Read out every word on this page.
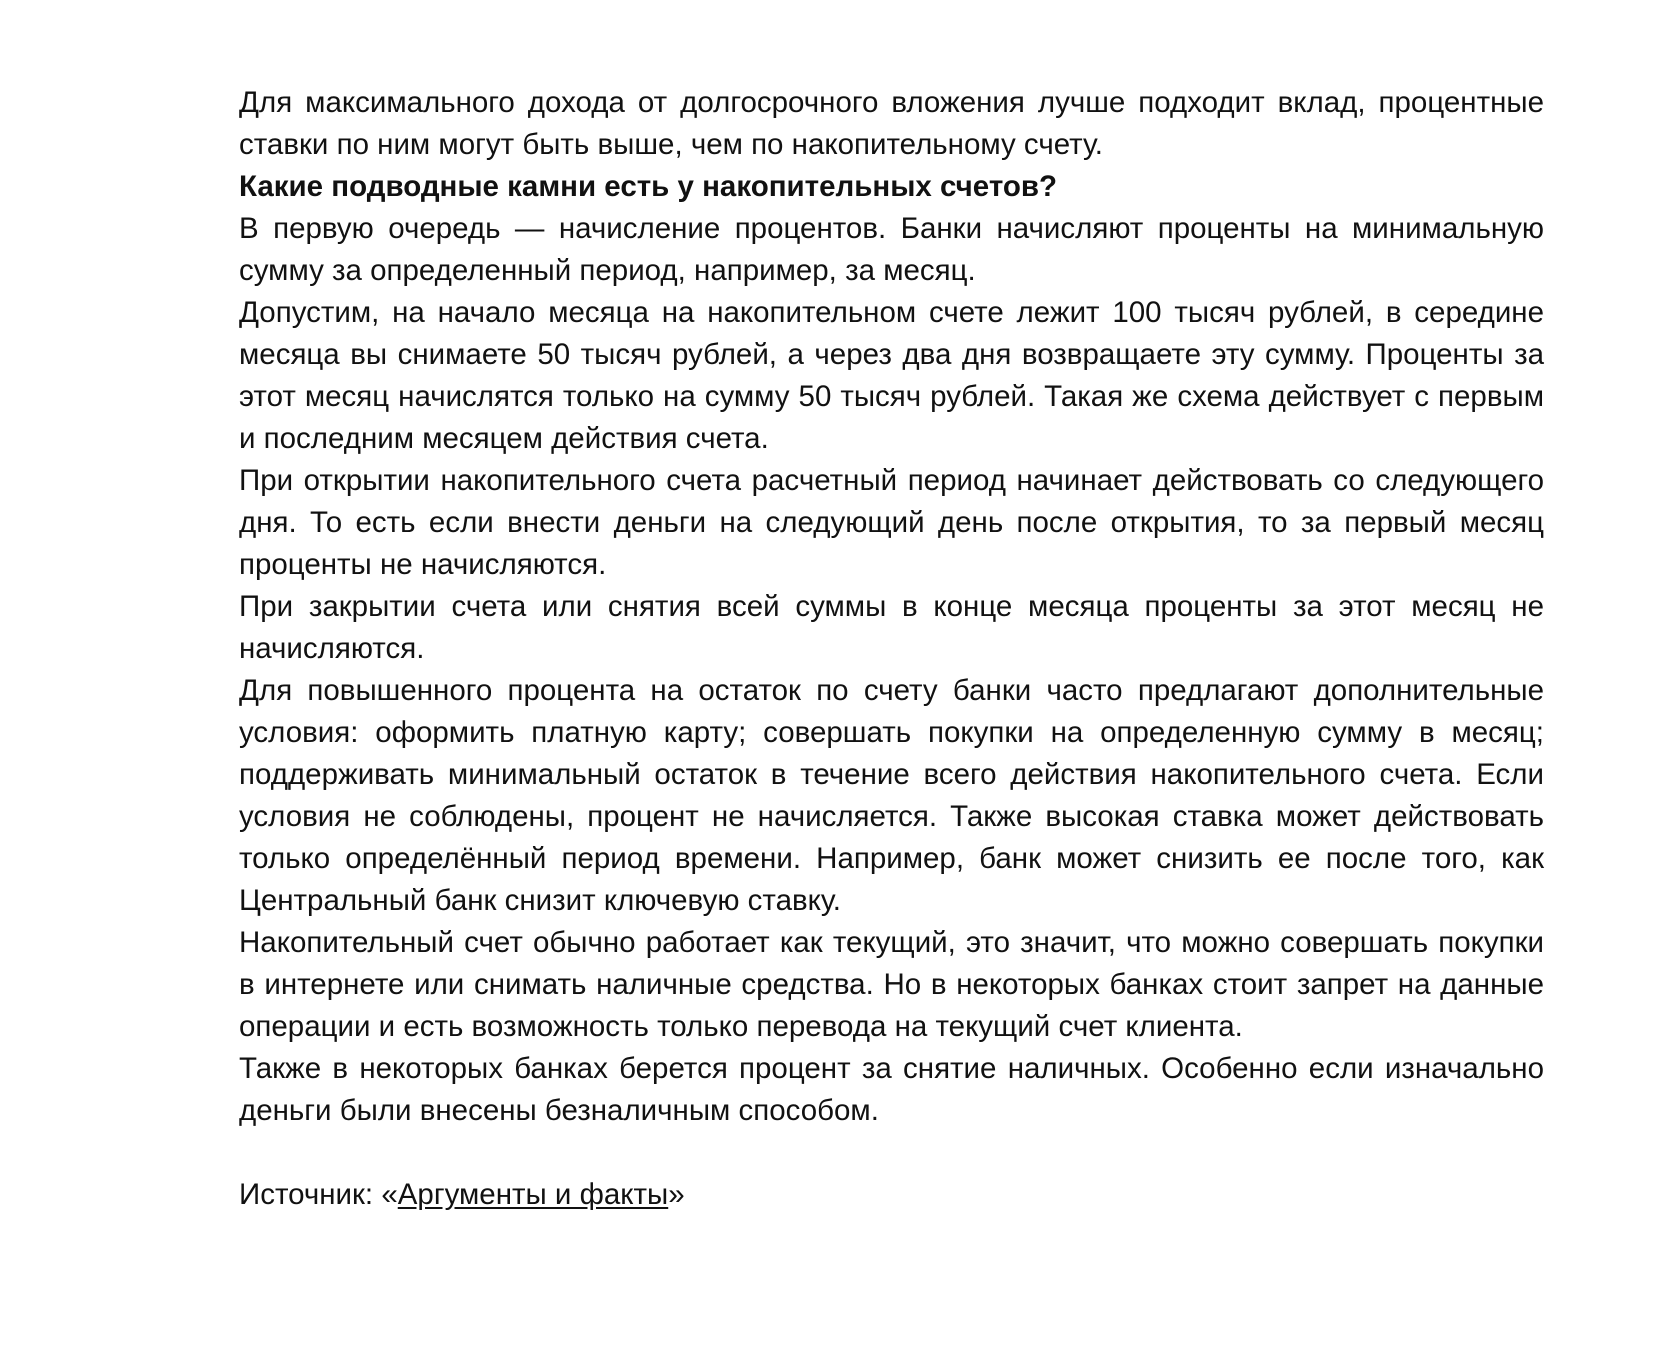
Для максимального дохода от долгосрочного вложения лучше подходит вклад, процентные ставки по ним могут быть выше, чем по накопительному счету.

Какие подводные камни есть у накопительных счетов?

В первую очередь — начисление процентов. Банки начисляют проценты на минимальную сумму за определенный период, например, за месяц.

Допустим, на начало месяца на накопительном счете лежит 100 тысяч рублей, в середине месяца вы снимаете 50 тысяч рублей, а через два дня возвращаете эту сумму. Проценты за этот месяц начислятся только на сумму 50 тысяч рублей. Такая же схема действует с первым и последним месяцем действия счета.

При открытии накопительного счета расчетный период начинает действовать со следующего дня. То есть если внести деньги на следующий день после открытия, то за первый месяц проценты не начисляются.

При закрытии счета или снятия всей суммы в конце месяца проценты за этот месяц не начисляются.

Для повышенного процента на остаток по счету банки часто предлагают дополнительные условия: оформить платную карту; совершать покупки на определенную сумму в месяц; поддерживать минимальный остаток в течение всего действия накопительного счета. Если условия не соблюдены, процент не начисляется. Также высокая ставка может действовать только определённый период времени. Например, банк может снизить ее после того, как Центральный банк снизит ключевую ставку.

Накопительный счет обычно работает как текущий, это значит, что можно совершать покупки в интернете или снимать наличные средства. Но в некоторых банках стоит запрет на данные операции и есть возможность только перевода на текущий счет клиента.

Также в некоторых банках берется процент за снятие наличных. Особенно если изначально деньги были внесены безналичным способом.

Источник: «Аргументы и факты»
